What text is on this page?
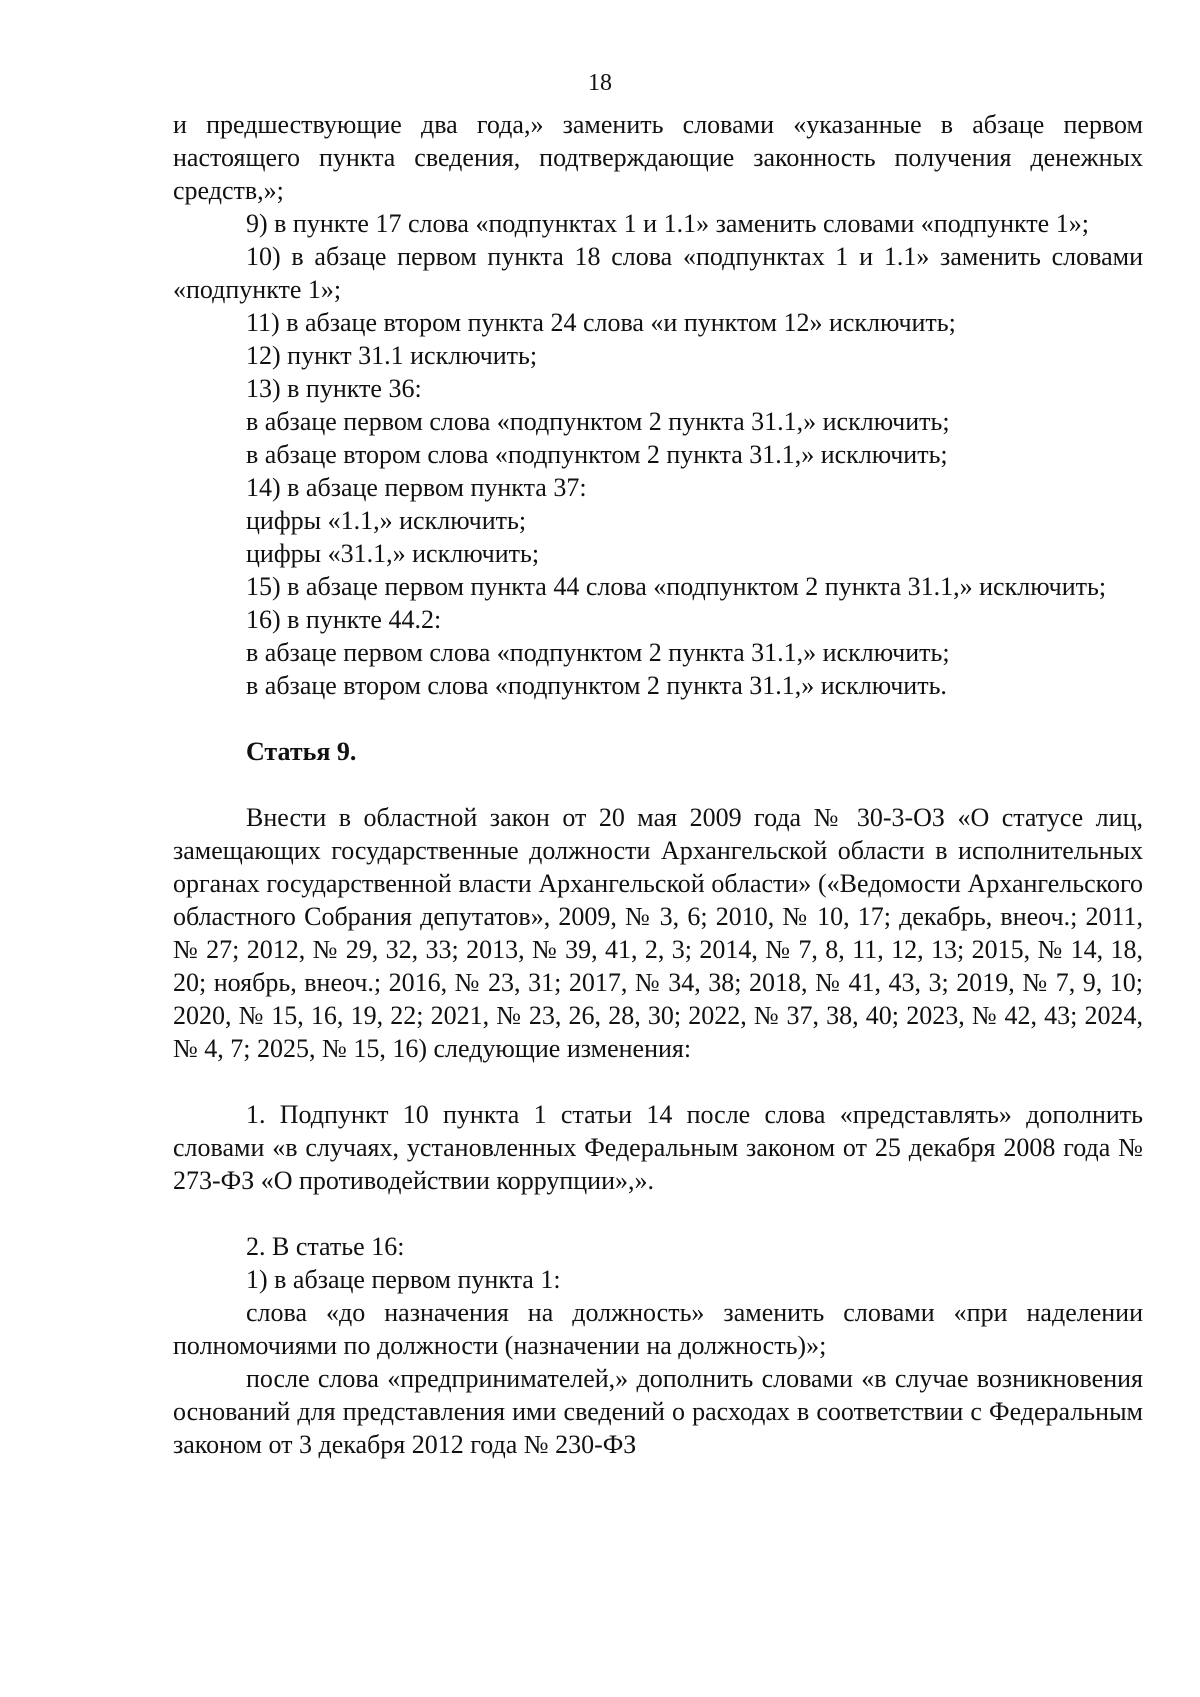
18

и предшествующие два года,» заменить словами «указанные в абзаце первом настоящего пункта сведения, подтверждающие законность получения денежных средств,»;

9) в пункте 17 слова «подпунктах 1 и 1.1» заменить словами «подпункте 1»;

10) в абзаце первом пункта 18 слова «подпунктах 1 и 1.1» заменить словами «подпункте 1»;

11) в абзаце втором пункта 24 слова «и пунктом 12» исключить;

12) пункт 31.1 исключить;

13) в пункте 36:

в абзаце первом слова «подпунктом 2 пункта 31.1,» исключить;

в абзаце втором слова «подпунктом 2 пункта 31.1,» исключить;

14) в абзаце первом пункта 37:

цифры «1.1,» исключить;

цифры «31.1,» исключить;

15) в абзаце первом пункта 44 слова «подпунктом 2 пункта 31.1,» исключить;

16) в пункте 44.2:

в абзаце первом слова «подпунктом 2 пункта 31.1,» исключить;

в абзаце втором слова «подпунктом 2 пункта 31.1,» исключить.

Статья 9.

Внести в областной закон от 20 мая 2009 года № 30-3-ОЗ «О статусе лиц, замещающих государственные должности Архангельской области в исполнительных органах государственной власти Архангельской области» («Ведомости Архангельского областного Собрания депутатов», 2009, № 3, 6; 2010, № 10, 17; декабрь, внеоч.; 2011, № 27; 2012, № 29, 32, 33; 2013, № 39, 41, 2, 3; 2014, № 7, 8, 11, 12, 13; 2015, № 14, 18, 20; ноябрь, внеоч.; 2016, № 23, 31; 2017, № 34, 38; 2018, № 41, 43, 3; 2019, № 7, 9, 10; 2020, № 15, 16, 19, 22; 2021, № 23, 26, 28, 30; 2022, № 37, 38, 40; 2023, № 42, 43; 2024, № 4, 7; 2025, № 15, 16) следующие изменения:

1. Подпункт 10 пункта 1 статьи 14 после слова «представлять» дополнить словами «в случаях, установленных Федеральным законом от 25 декабря 2008 года № 273-ФЗ «О противодействии коррупции»,».

2. В статье 16:

1) в абзаце первом пункта 1:

слова «до назначения на должность» заменить словами «при наделении полномочиями по должности (назначении на должность)»;

после слова «предпринимателей,» дополнить словами «в случае возникновения оснований для представления ими сведений о расходах в соответствии с Федеральным законом от 3 декабря 2012 года № 230-ФЗ
